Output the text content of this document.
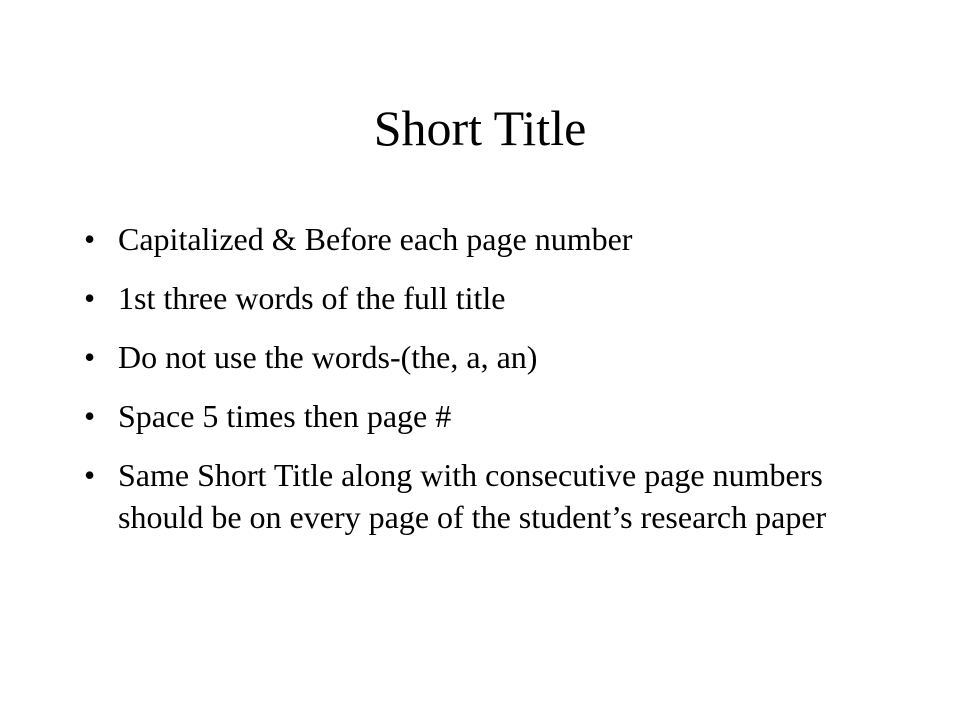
Short Title
• Capitalized & Before each page number
• 1st three words of the full title
• Do not use the words-(the, a, an)
• Space 5 times then page #
• Same Short Title along with consecutive page numbers should be on every page of the student’s research paper
